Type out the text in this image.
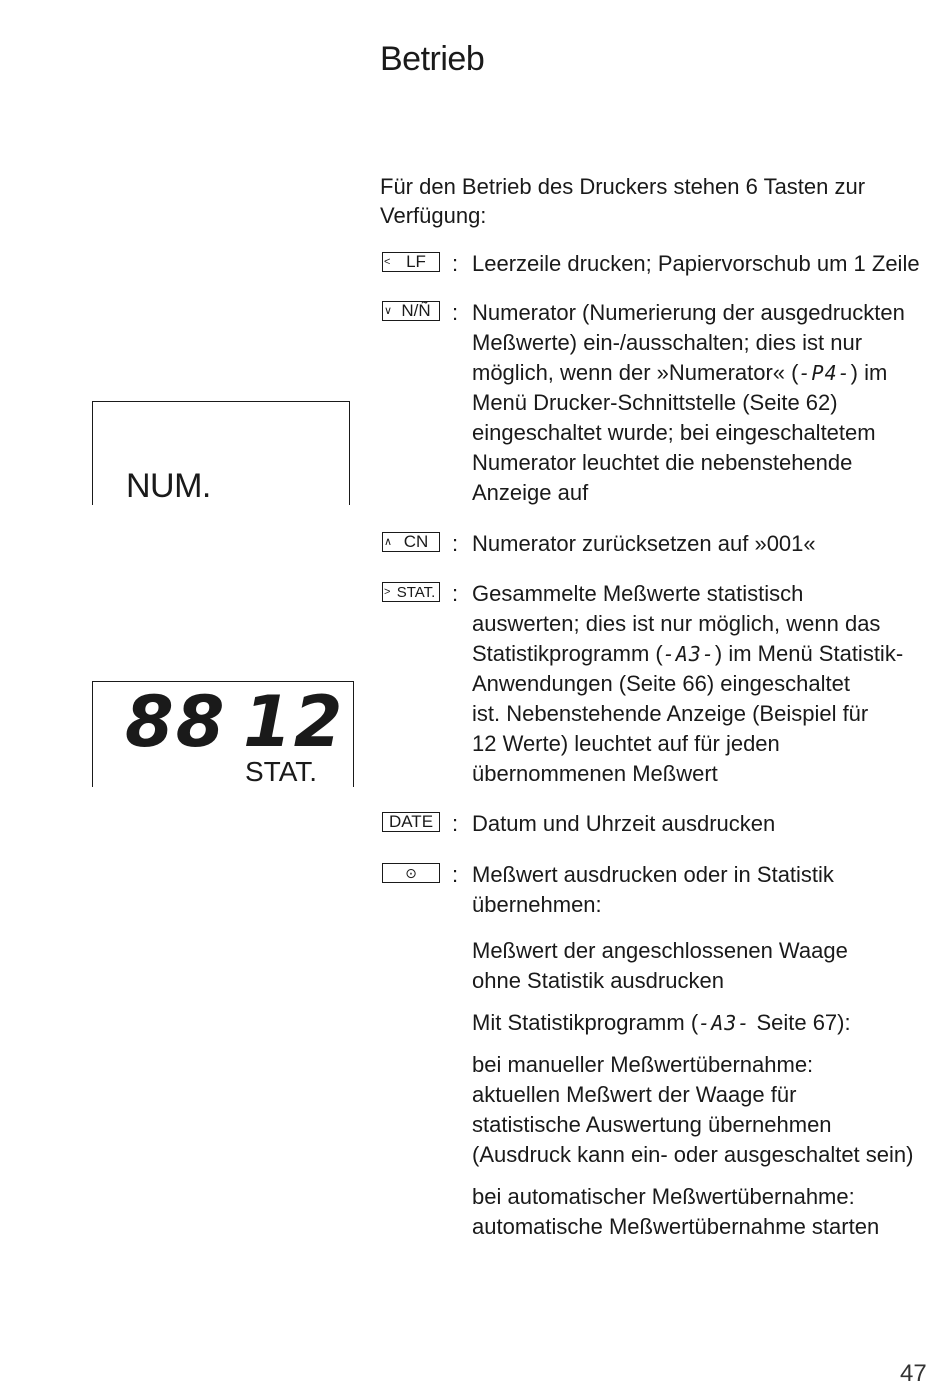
Betrieb
Für den Betrieb des Druckers stehen 6 Tasten zur Verfügung:
< LF	: Leerzeile drucken; Papiervorschub um 1 Zeile

∨ N/Ñ : Numerator (Numerierung der ausgedruckten

Meßwerte) ein-/ausschalten; dies ist nur

möglich, wenn der »Numerator« (-P4-) im

Menü Drucker-Schnittstelle (Seite 62)

eingeschaltet wurde; bei eingeschaltetem

Numerator leuchtet die nebenstehende

Anzeige auf

∧ CN	: Numerator zurücksetzen auf »001«

> STAT. : Gesammelte Meßwerte statistisch

auswerten; dies ist nur möglich, wenn das

Statistikprogramm (-A3-) im Menü Statistik-

Anwendungen (Seite 66) eingeschaltet

ist. Nebenstehende Anzeige (Beispiel für

12 Werte) leuchtet auf für jeden

übernommenen Meßwert

DATE : Datum und Uhrzeit ausdrucken

⊙	: Meßwert ausdrucken oder in Statistik

übernehmen:

Meßwert der angeschlossenen Waage

ohne Statistik ausdrucken

Mit Statistikprogramm (-A3- Seite 67):

bei manueller Meßwertübernahme:

aktuellen Meßwert der Waage für

statistische Auswertung übernehmen

(Ausdruck kann ein- oder ausgeschaltet sein)

bei automatischer Meßwertübernahme:

automatische Meßwertübernahme starten

NUM.
88 12
STAT.
47
